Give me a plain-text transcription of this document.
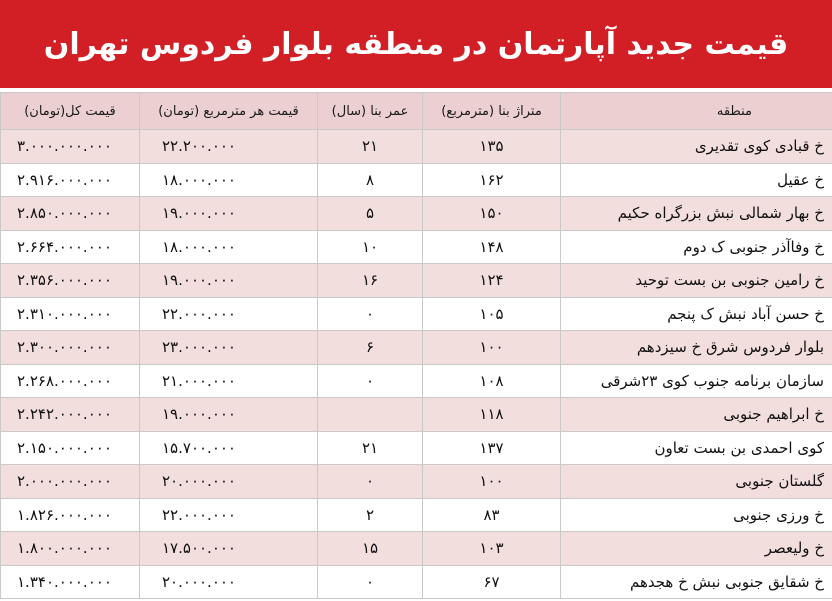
قیمت جدید آپارتمان در منطقه بلوار فردوس تهران
منطقه	متراژ بنا (مترمربع)	عمر بنا (سال)	قیمت هر مترمربع (تومان)	قیمت کل(تومان)
خ قبادی کوی تقدیری	۱۳۵	۲۱	۲۲.۲۰۰.۰۰۰	۳.۰۰۰.۰۰۰.۰۰۰
خ عقیل	۱۶۲	۸	۱۸.۰۰۰.۰۰۰	۲.۹۱۶.۰۰۰.۰۰۰
خ بهار شمالی نبش بزرگراه حکیم	۱۵۰	۵	۱۹.۰۰۰.۰۰۰	۲.۸۵۰.۰۰۰.۰۰۰
خ وفاآذر جنوبی ک دوم	۱۴۸	۱۰	۱۸.۰۰۰.۰۰۰	۲.۶۶۴.۰۰۰.۰۰۰
خ رامین جنوبی بن بست توحید	۱۲۴	۱۶	۱۹.۰۰۰.۰۰۰	۲.۳۵۶.۰۰۰.۰۰۰
خ حسن آباد نبش ک پنجم	۱۰۵	۰	۲۲.۰۰۰.۰۰۰	۲.۳۱۰.۰۰۰.۰۰۰
بلوار فردوس شرق خ سیزدهم	۱۰۰	۶	۲۳.۰۰۰.۰۰۰	۲.۳۰۰.۰۰۰.۰۰۰
سازمان برنامه جنوب کوی ۲۳شرقی	۱۰۸	۰	۲۱.۰۰۰.۰۰۰	۲.۲۶۸.۰۰۰.۰۰۰
خ ابراهیم جنوبی	۱۱۸		۱۹.۰۰۰.۰۰۰	۲.۲۴۲.۰۰۰.۰۰۰
کوی احمدی بن بست تعاون	۱۳۷	۲۱	۱۵.۷۰۰.۰۰۰	۲.۱۵۰.۰۰۰.۰۰۰
گلستان جنوبی	۱۰۰	۰	۲۰.۰۰۰.۰۰۰	۲.۰۰۰.۰۰۰.۰۰۰
خ ورزی جنوبی	۸۳	۲	۲۲.۰۰۰.۰۰۰	۱.۸۲۶.۰۰۰.۰۰۰
خ ولیعصر	۱۰۳	۱۵	۱۷.۵۰۰.۰۰۰	۱.۸۰۰.۰۰۰.۰۰۰
خ شقایق جنوبی نبش خ هجدهم	۶۷	۰	۲۰.۰۰۰.۰۰۰	۱.۳۴۰.۰۰۰.۰۰۰
